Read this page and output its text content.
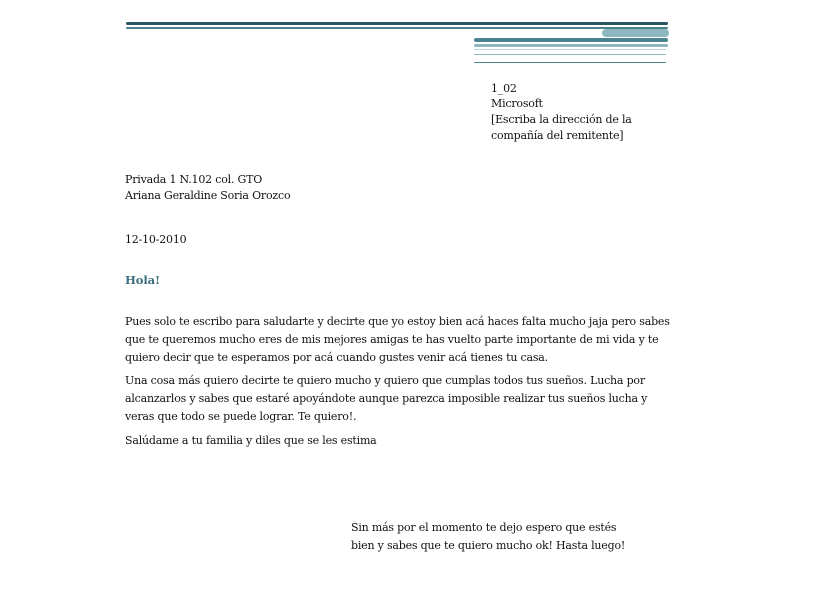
1_02
Microsoft
[Escriba la dirección de la
compañía del remitente]
Privada 1 N.102 col. GTO
Ariana Geraldine Soria Orozco
12-10-2010
Hola!
Pues solo te escribo para saludarte y decirte que yo estoy bien acá haces falta mucho jaja pero sabes que te queremos mucho eres de mis mejores amigas te has vuelto parte importante de mi vida y te quiero decir que te esperamos por acá cuando gustes venir acá tienes tu casa.
Una cosa más quiero decirte te quiero mucho y quiero que cumplas todos tus sueños. Lucha por alcanzarlos y sabes que estaré apoyándote aunque parezca imposible realizar tus sueños lucha y veras que todo se puede lograr. Te quiero!.
Salúdame a tu familia y diles que se les estima
Sin más por el momento te dejo espero que estés bien y sabes que te quiero mucho ok! Hasta luego!
